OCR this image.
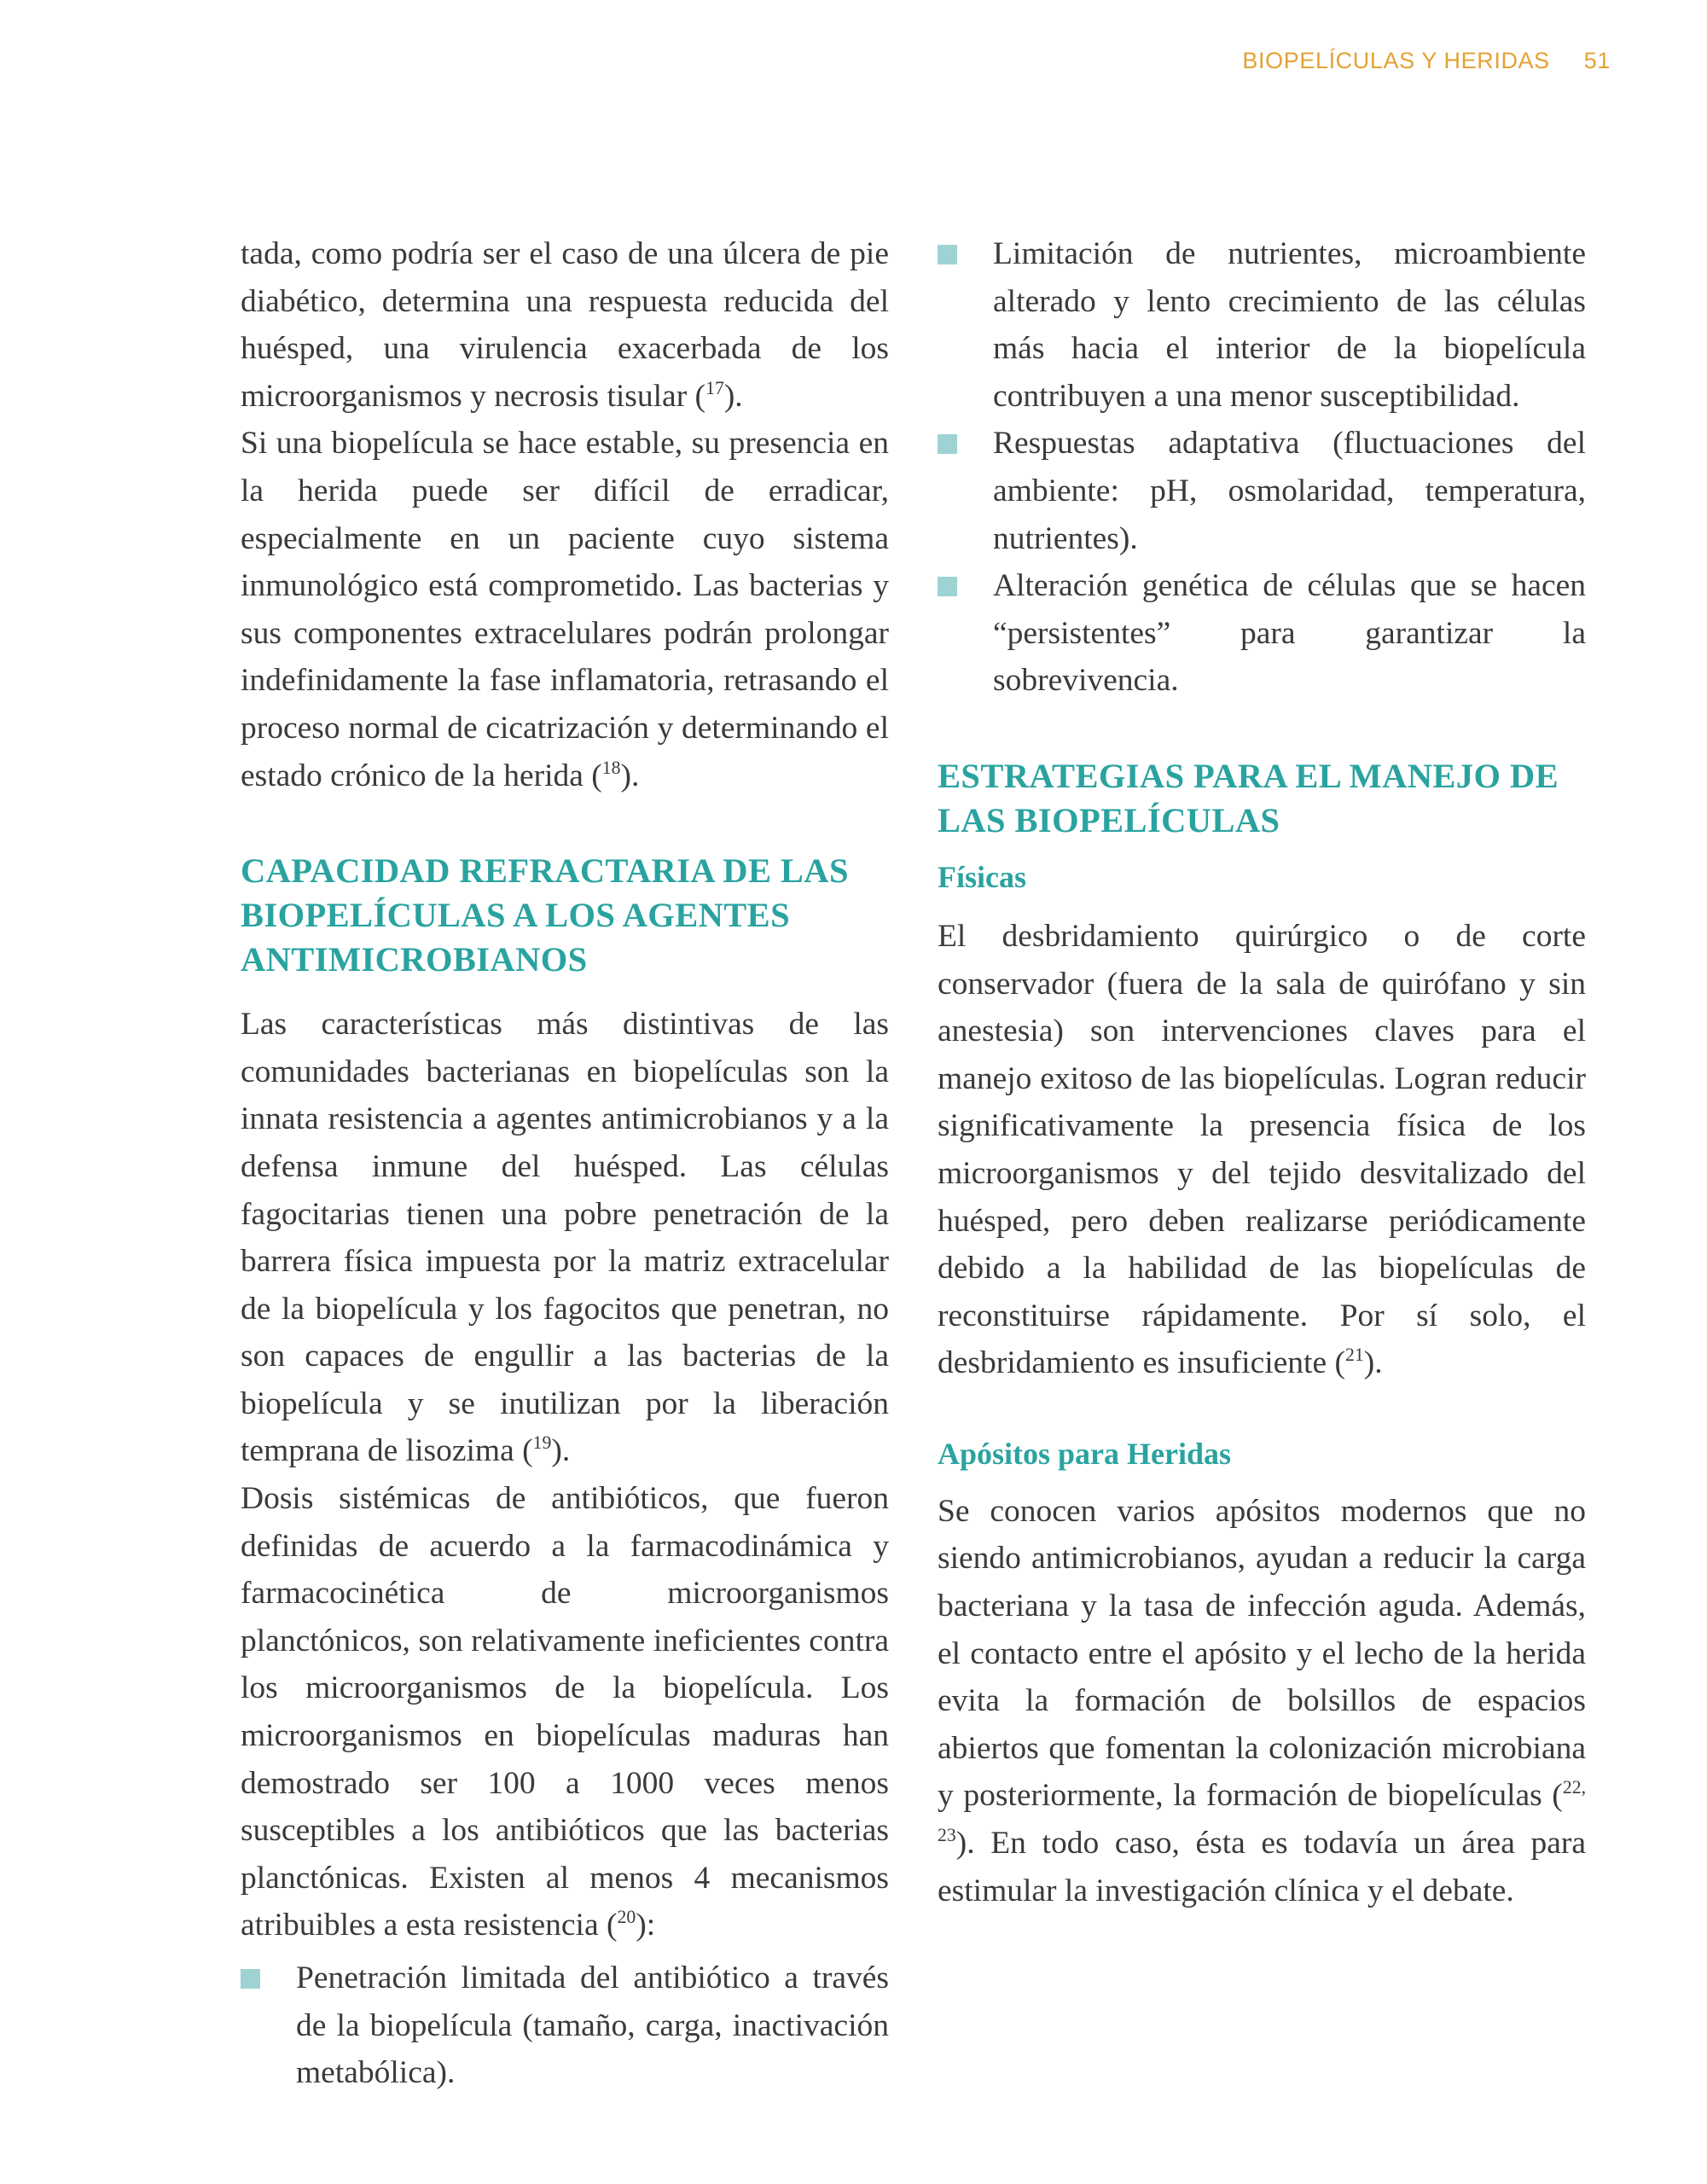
BIOPELÍCULAS Y HERIDAS 51

tada, como podría ser el caso de una úlcera de pie diabético, determina una respuesta reducida del huésped, una virulencia exacerbada de los microorganismos y necrosis tisular ($^{17}$).

Si una biopelícula se hace estable, su presencia en la herida puede ser difícil de erradicar, especialmente en un paciente cuyo sistema inmunológico está comprometido. Las bacterias y sus componentes extracelulares podrán prolongar indefinidamente la fase inflamatoria, retrasando el proceso normal de cicatrización y determinando el estado crónico de la herida ($^{18}$).

CAPACIDAD REFRACTARIA DE LAS BIOPELÍCULAS A LOS AGENTES ANTIMICROBIANOS

Las características más distintivas de las comunidades bacterianas en biopelículas son la innata resistencia a agentes antimicrobianos y a la defensa inmune del huésped. Las células fagocitarias tienen una pobre penetración de la barrera física impuesta por la matriz extracelular de la biopelícula y los fagocitos que penetran, no son capaces de engullir a las bacterias de la biopelícula y se inutilizan por la liberación temprana de lisozima ($^{19}$).

Dosis sistémicas de antibióticos, que fueron definidas de acuerdo a la farmacodinámica y farmacocinética de microorganismos planctónicos, son relativamente ineficientes contra los microorganismos de la biopelícula. Los microorganismos en biopelículas maduras han demostrado ser 100 a 1000 veces menos susceptibles a los antibióticos que las bacterias planctónicas. Existen al menos 4 mecanismos atribuibles a esta resistencia ($^{20}$):

Penetración limitada del antibiótico a través de la biopelícula (tamaño, carga, inactivación metabólica).

Limitación de nutrientes, microambiente alterado y lento crecimiento de las células más hacia el interior de la biopelícula contribuyen a una menor susceptibilidad.

Respuestas adaptativa (fluctuaciones del ambiente: pH, osmolaridad, temperatura, nutrientes).

Alteración genética de células que se hacen “persistentes” para garantizar la sobrevivencia.

ESTRATEGIAS PARA EL MANEJO DE LAS BIOPELÍCULAS
Físicas

El desbridamiento quirúrgico o de corte conservador (fuera de la sala de quirófano y sin anestesia) son intervenciones claves para el manejo exitoso de las biopelículas. Logran reducir significativamente la presencia física de los microorganismos y del tejido desvitalizado del huésped, pero deben realizarse periódicamente debido a la habilidad de las biopelículas de reconstituirse rápidamente. Por sí solo, el desbridamiento es insuficiente ($^{21}$).

Apósitos para Heridas

Se conocen varios apósitos modernos que no siendo antimicrobianos, ayudan a reducir la carga bacteriana y la tasa de infección aguda. Además, el contacto entre el apósito y el lecho de la herida evita la formación de bolsillos de espacios abiertos que fomentan la colonización microbiana y posteriormente, la formación de biopelículas ($^{22, 23}$). En todo caso, ésta es todavía un área para estimular la investigación clínica y el debate.
